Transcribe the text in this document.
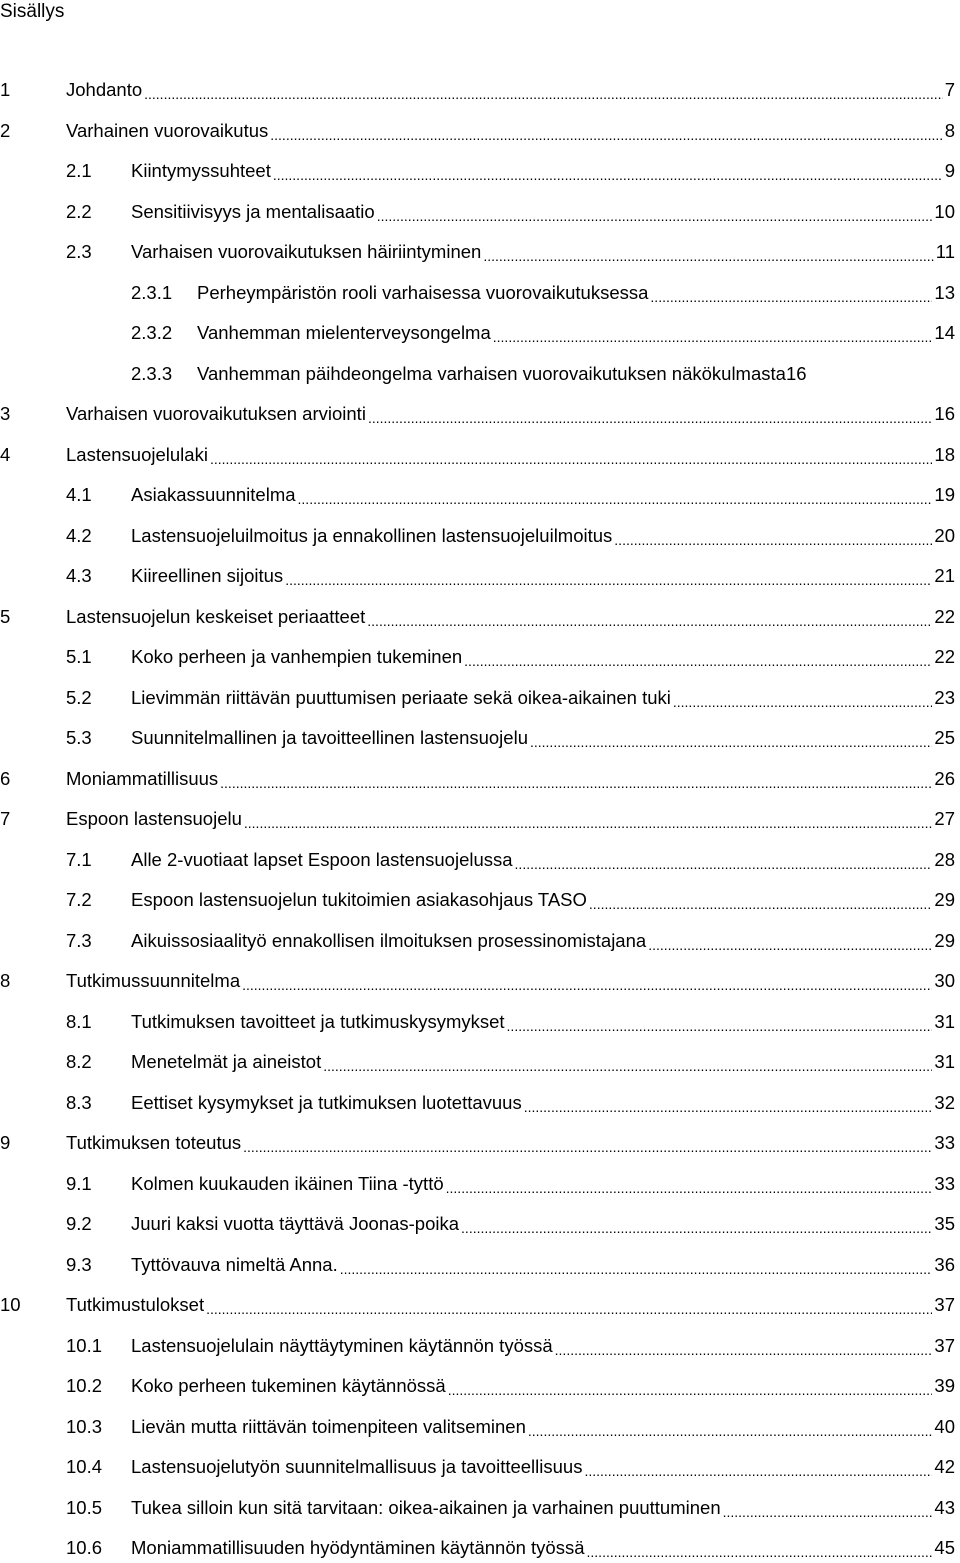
Sisällys
1	Johdanto .....	7
2	Varhainen vuorovaikutus .....	8
2.1 Kiintymyssuhteet .....	9
2.2 Sensitiivisyys ja mentalisaatio .....	10
2.3 Varhaisen vuorovaikutuksen häiriintyminen .....	11
2.3.1 Perheympäristön rooli varhaisessa vuorovaikutuksessa .....	13
2.3.2 Vanhemman mielenterveysongelma .....	14
2.3.3 Vanhemman päihdeongelma varhaisen vuorovaikutuksen näkökulmasta 16
3	Varhaisen vuorovaikutuksen arviointi .....	16
4	Lastensuojelulaki .....	18
4.1 Asiakassuunnitelma .....	19
4.2 Lastensuojeluilmoitus ja ennakollinen lastensuojeluilmoitus .....	20
4.3 Kiireellinen sijoitus .....	21
5	Lastensuojelun keskeiset periaatteet .....	22
5.1 Koko perheen ja vanhempien tukeminen .....	22
5.2 Lievimmän riittävän puuttumisen periaate sekä oikea-aikainen tuki .....	23
5.3 Suunnitelmallinen ja tavoitteellinen lastensuojelu .....	25
6	Moniammatillisuus .....	26
7	Espoon lastensuojelu .....	27
7.1 Alle 2-vuotiaat lapset Espoon lastensuojelussa .....	28
7.2 Espoon lastensuojelun tukitoimien asiakasohjaus TASO .....	29
7.3 Aikuissosiaalityö ennakollisen ilmoituksen prosessinomistajana .....	29
8	Tutkimussuunnitelma .....	30
8.1 Tutkimuksen tavoitteet ja tutkimuskysymykset .....	31
8.2 Menetelmät ja aineistot .....	31
8.3 Eettiset kysymykset ja tutkimuksen luotettavuus .....	32
9	Tutkimuksen toteutus .....	33
9.1 Kolmen kuukauden ikäinen Tiina -tyttö .....	33
9.2 Juuri kaksi vuotta täyttävä Joonas-poika .....	35
9.3 Tyttövauva nimeltä Anna. .....	36
10 Tutkimustulokset .....	37
10.1 Lastensuojelulain näyttäytyminen käytännön työssä .....	37
10.2 Koko perheen tukeminen käytännössä .....	39
10.3 Lievän mutta riittävän toimenpiteen valitseminen .....	40
10.4 Lastensuojelutyön suunnitelmallisuus ja tavoitteellisuus .....	42
10.5 Tukea silloin kun sitä tarvitaan: oikea-aikainen ja varhainen puuttuminen .....	43
10.6 Moniammatillisuuden hyödyntäminen käytännön työssä .....	45
